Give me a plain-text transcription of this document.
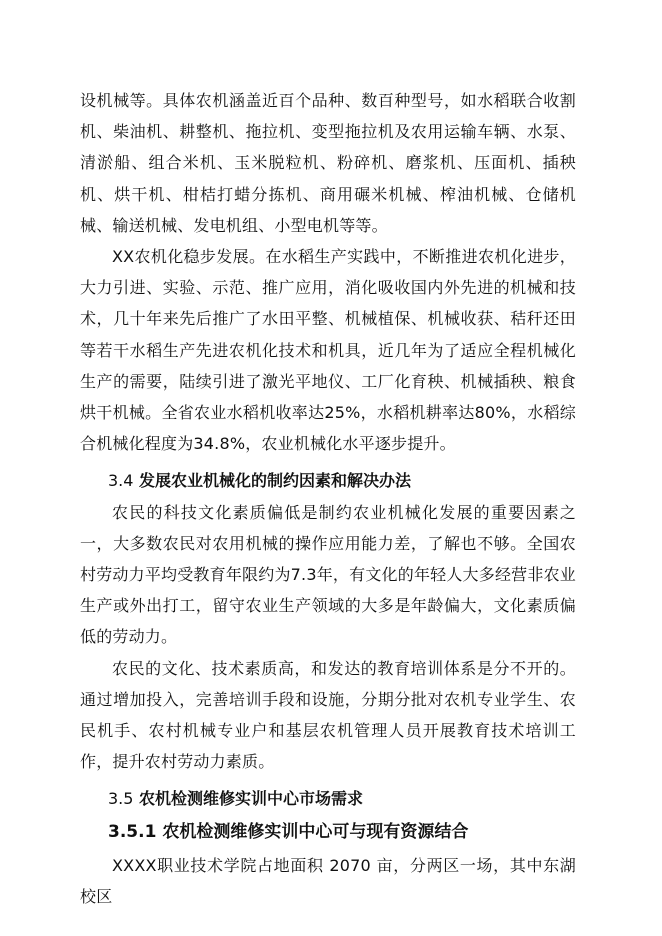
设机械等。具体农机涵盖近百个品种、数百种型号，如水稻联合收割机、柴油机、耕整机、拖拉机、变型拖拉机及农用运输车辆、水泵、清淤船、组合米机、玉米脱粒机、粉碎机、磨浆机、压面机、插秧机、烘干机、柑桔打蜡分拣机、商用碾米机械、榨油机械、仓储机械、输送机械、发电机组、小型电机等等。

XX农机化稳步发展。在水稻生产实践中，不断推进农机化进步，大力引进、实验、示范、推广应用，消化吸收国内外先进的机械和技术，几十年来先后推广了水田平整、机械植保、机械收获、秸秆还田等若干水稻生产先进农机化技术和机具，近几年为了适应全程机械化生产的需要，陆续引进了激光平地仪、工厂化育秧、机械插秧、粮食烘干机械。全省农业水稻机收率达25%，水稻机耕率达80%，水稻综合机械化程度为34.8%，农业机械化水平逐步提升。

3.4 发展农业机械化的制约因素和解决办法

农民的科技文化素质偏低是制约农业机械化发展的重要因素之一，大多数农民对农用机械的操作应用能力差，了解也不够。全国农村劳动力平均受教育年限约为7.3年，有文化的年轻人大多经营非农业生产或外出打工，留守农业生产领域的大多是年龄偏大，文化素质偏低的劳动力。

农民的文化、技术素质高，和发达的教育培训体系是分不开的。通过增加投入，完善培训手段和设施，分期分批对农机专业学生、农民机手、农村机械专业户和基层农机管理人员开展教育技术培训工作，提升农村劳动力素质。

3.5 农机检测维修实训中心市场需求
3.5.1 农机检测维修实训中心可与现有资源结合

XXXX职业技术学院占地面积 2070 亩，分两区一场，其中东湖校区
